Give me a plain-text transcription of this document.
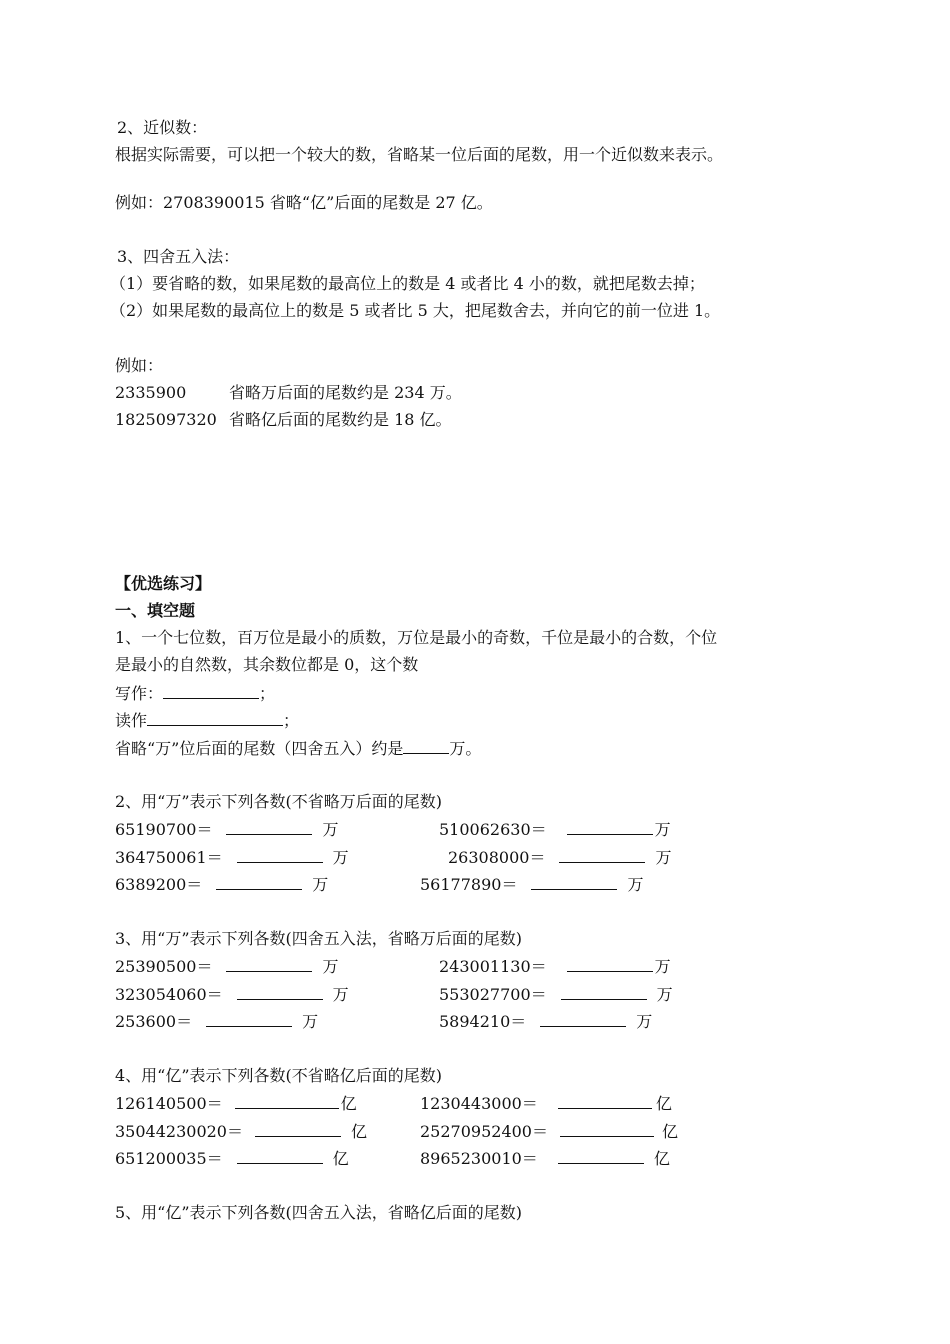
2、近似数：
根据实际需要，可以把一个较大的数，省略某一位后面的尾数，用一个近似数来表示。
例如：2708390015 省略“亿”后面的尾数是 27 亿。
3、四舍五入法：
（1）要省略的数，如果尾数的最高位上的数是 4 或者比 4 小的数，就把尾数去掉；
（2）如果尾数的最高位上的数是 5 或者比 5 大，把尾数舍去，并向它的前一位进 1。
例如：
2335900	省略万后面的尾数约是 234 万。
1825097320 省略亿后面的尾数约是 18 亿。
【优选练习】
一、填空题
1、一个七位数，百万位是最小的质数，万位是最小的奇数，千位是最小的合数，个位
是最小的自然数，其余数位都是 0，这个数
写作：	；
读作	；
省略“万”位后面的尾数（四舍五入）约是	万。
2、用“万”表示下列各数(不省略万后面的尾数)
65190700＝	万	510062630＝	万
364750061＝	万	26308000＝	万
6389200＝	万	56177890＝	万
3、用“万”表示下列各数(四舍五入法，省略万后面的尾数)
25390500＝	万	243001130＝	万
323054060＝	万	553027700＝	万
253600＝	万	5894210＝	万
4、用“亿”表示下列各数(不省略亿后面的尾数)
126140500＝	亿	1230443000＝	亿
35044230020＝	亿	25270952400＝	亿
651200035＝	亿	8965230010＝	亿
5、用“亿”表示下列各数(四舍五入法，省略亿后面的尾数)
